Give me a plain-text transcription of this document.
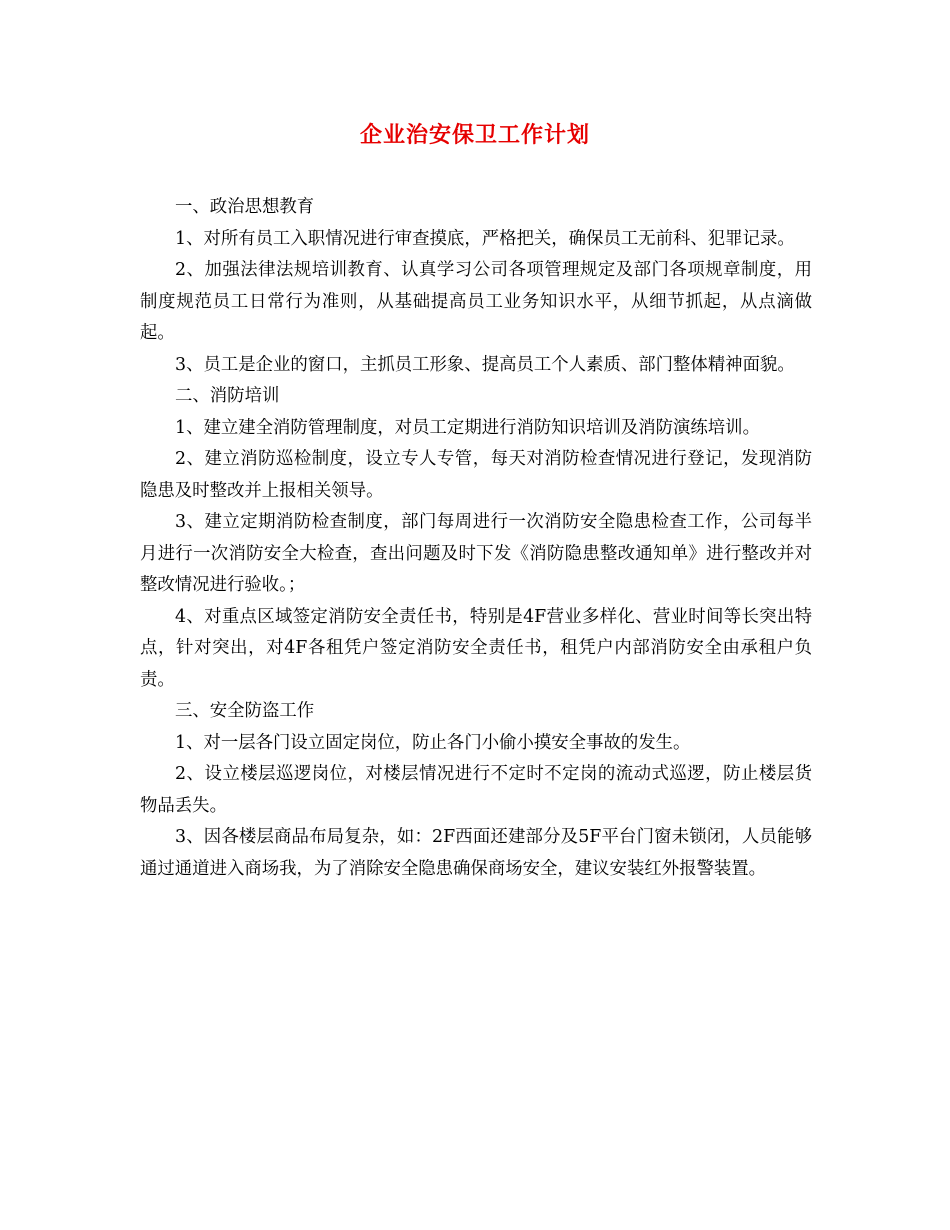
企业治安保卫工作计划

一、政治思想教育

1、对所有员工入职情况进行审查摸底，严格把关，确保员工无前科、犯罪记录。

2、加强法律法规培训教育、认真学习公司各项管理规定及部门各项规章制度，用制度规范员工日常行为准则，从基础提高员工业务知识水平，从细节抓起，从点滴做起。

3、员工是企业的窗口，主抓员工形象、提高员工个人素质、部门整体精神面貌。

二、消防培训

1、建立建全消防管理制度，对员工定期进行消防知识培训及消防演练培训。

2、建立消防巡检制度，设立专人专管，每天对消防检查情况进行登记，发现消防隐患及时整改并上报相关领导。

3、建立定期消防检查制度，部门每周进行一次消防安全隐患检查工作，公司每半月进行一次消防安全大检查，查出问题及时下发《消防隐患整改通知单》进行整改并对整改情况进行验收。；

4、对重点区域签定消防安全责任书，特别是4F营业多样化、营业时间等长突出特点，针对突出，对4F各租凭户签定消防安全责任书，租凭户内部消防安全由承租户负责。

三、安全防盗工作

1、对一层各门设立固定岗位，防止各门小偷小摸安全事故的发生。

2、设立楼层巡逻岗位，对楼层情况进行不定时不定岗的流动式巡逻，防止楼层货物品丢失。

3、因各楼层商品布局复杂，如：2F西面还建部分及5F平台门窗未锁闭，人员能够通过通道进入商场我，为了消除安全隐患确保商场安全，建议安装红外报警装置。
